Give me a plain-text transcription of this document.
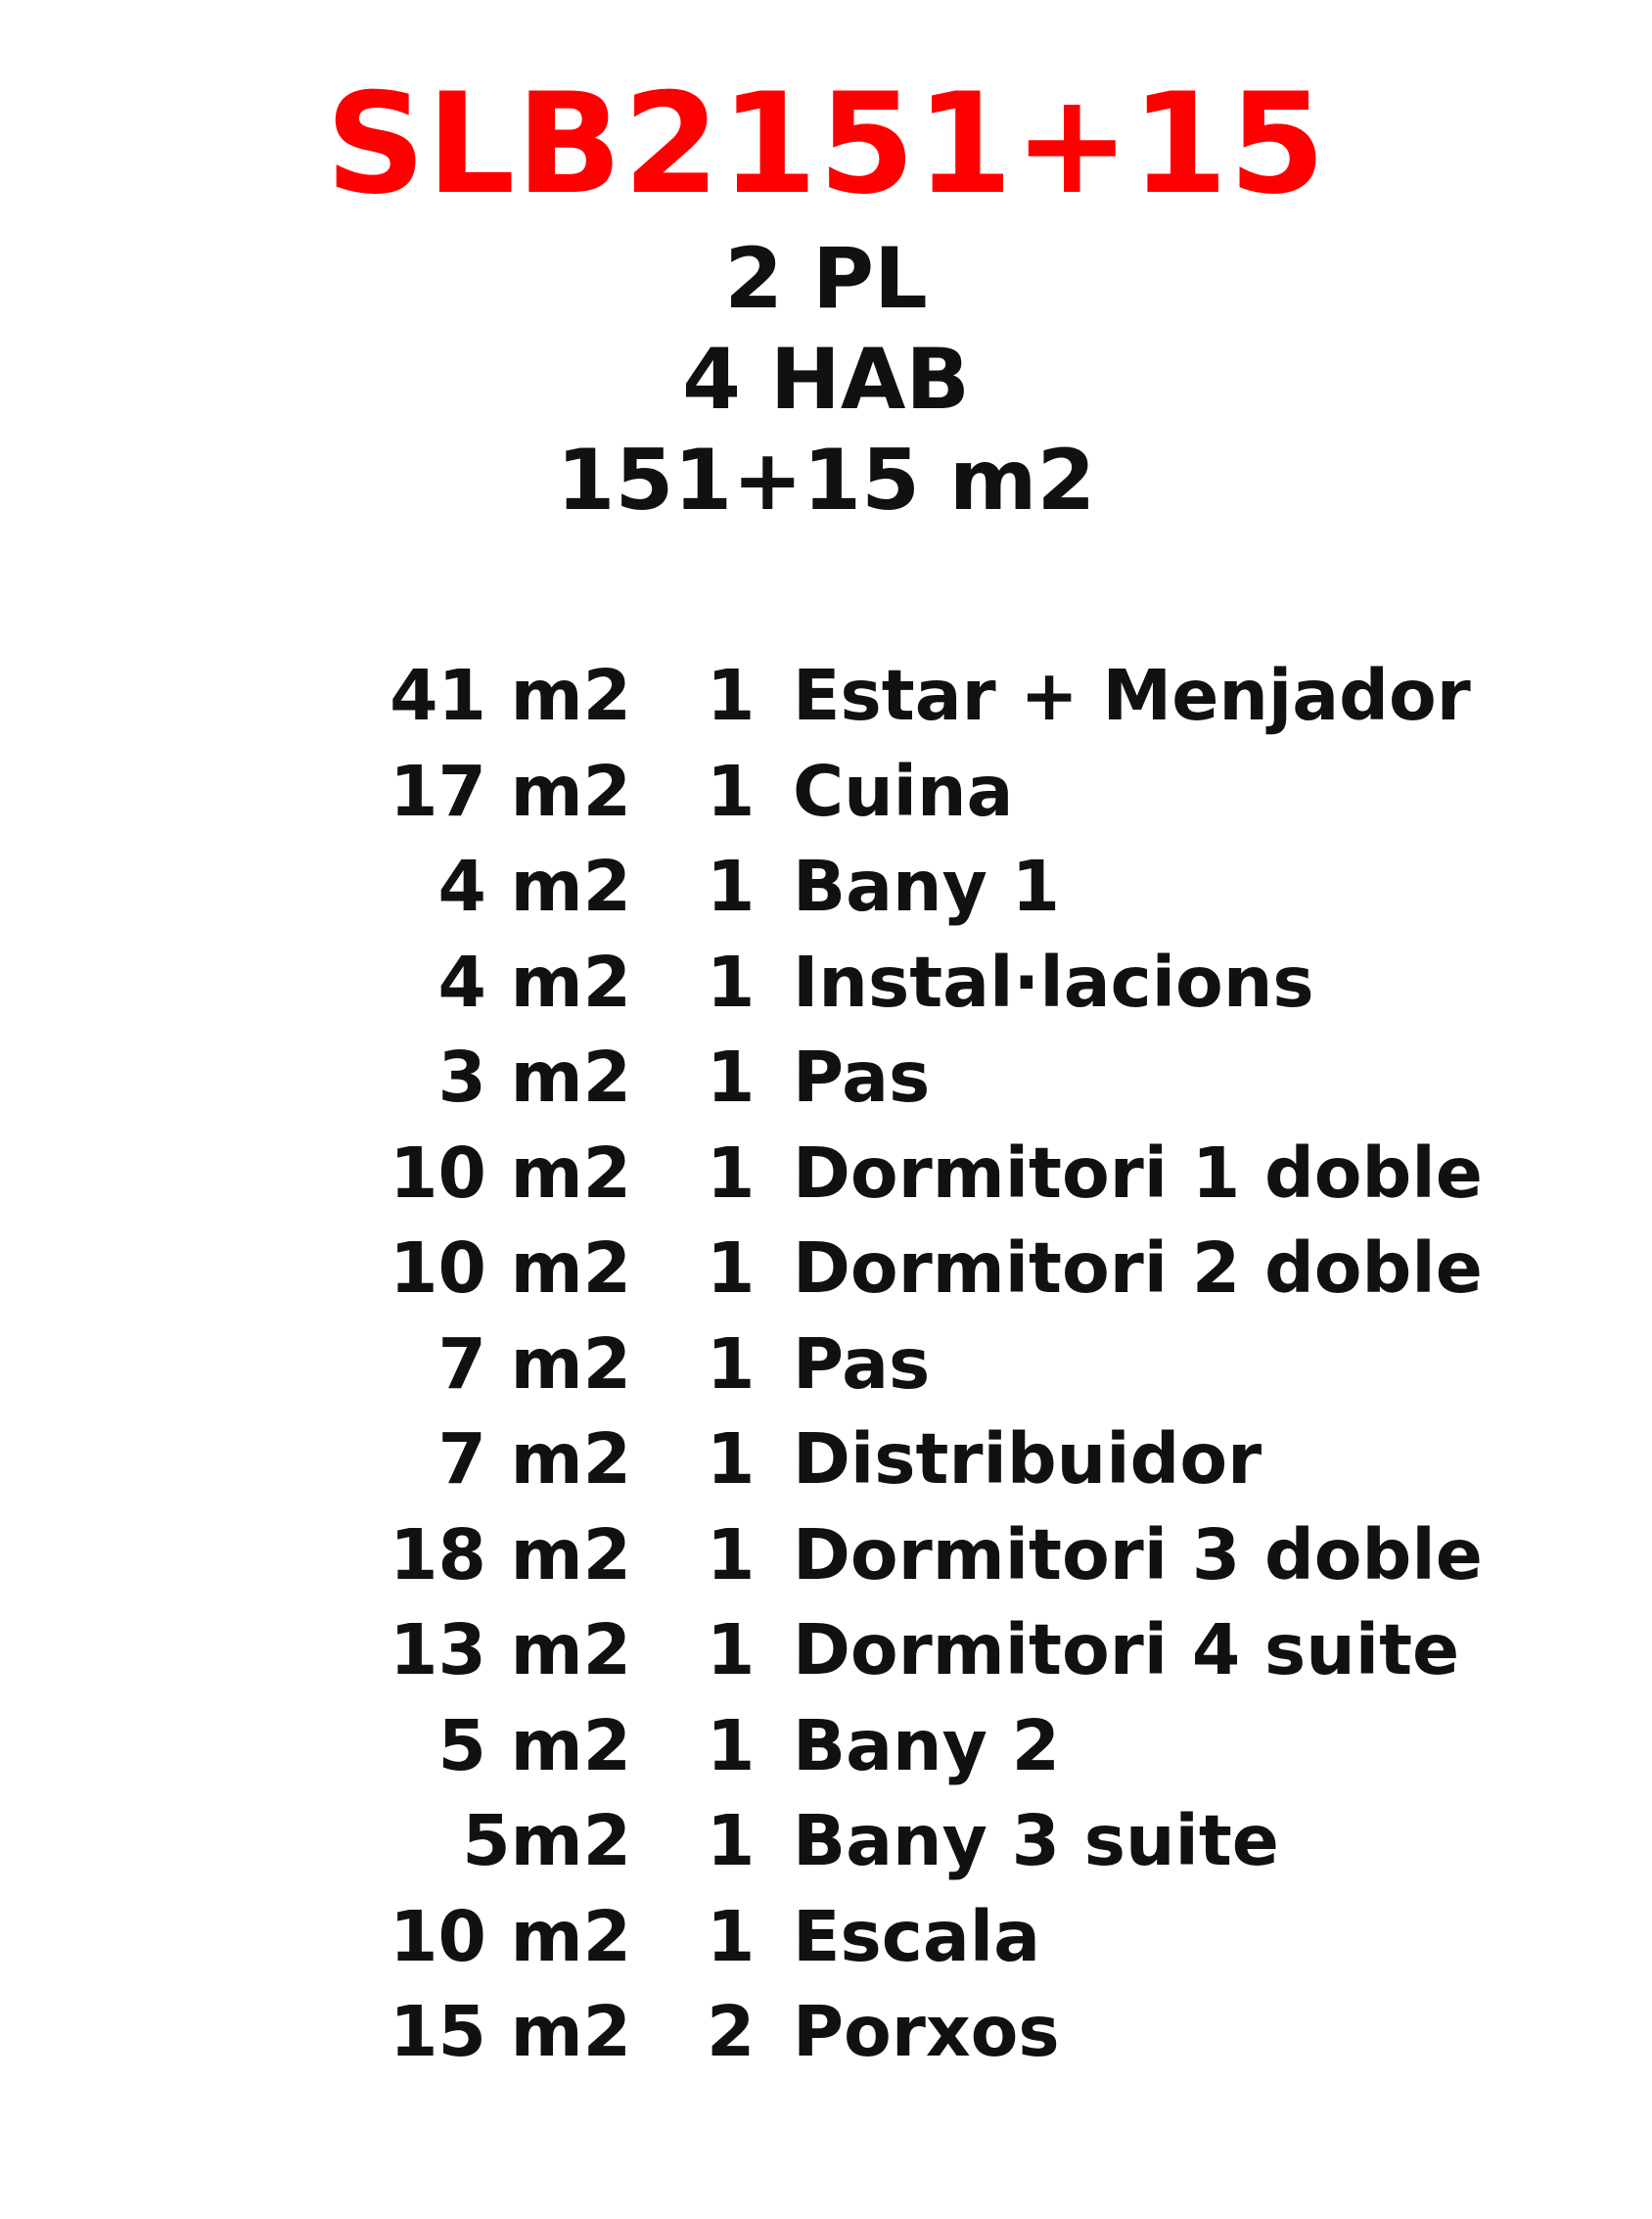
SLB2151+15
2 PL
4 HAB
151+15 m2
41 m2 1 Estar + Menjador
17 m2 1 Cuina
4 m2 1 Bany 1
4 m2 1 Instal·lacions
3 m2 1 Pas
10 m2 1 Dormitori 1 doble
10 m2 1 Dormitori 2 doble
7 m2 1 Pas
7 m2 1 Distribuidor
18 m2 1 Dormitori 3 doble
13 m2 1 Dormitori 4 suite
5 m2 1 Bany 2
5m2 1 Bany 3 suite
10 m2 1 Escala
15 m2 2 Porxos
